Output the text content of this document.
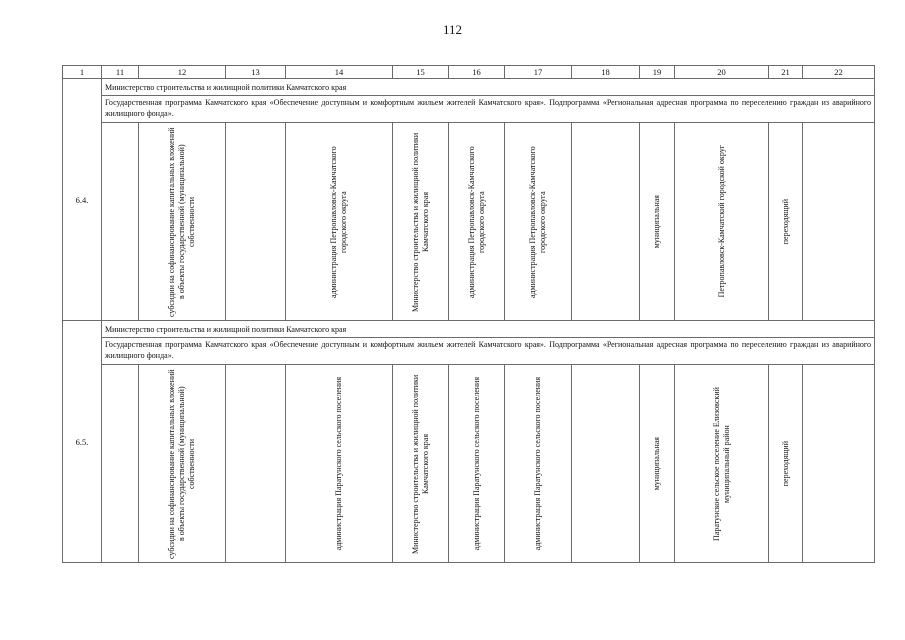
112
1	11	12	13	14	15	16	17	18	19	20	21	22
6.4.	Министерство строительства и жилищной политики Камчатского края											
	Государственная программа Камчатского края «Обеспечение доступным и комфортным жильем жителей Камчатского края». Подпрограмма «Региональная адресная программа по переселению граждан из аварийного жилищного фонда».											

		субсидии на софинансирование капитальных вложений в объекты государственной (муниципальной) собственности		администрация Петропавловск-Камчатского городского округа	Министерство строительства и жилищной политики Камчатского края	администрация Петропавловск-Камчатского городского округа	администрация Петропавловск-Камчатского городского округа		муниципальная	Петропавловск-Камчатский городской округ	переходящий	

6.5.	Министерство строительства и жилищной политики Камчатского края											
	Государственная программа Камчатского края «Обеспечение доступным и комфортным жильем жителей Камчатского края». Подпрограмма «Региональная адресная программа по переселению граждан из аварийного жилищного фонда».											

		субсидии на софинансирование капитальных вложений в объекты государственной (муниципальной) собственности		администрация Паратунского сельского поселения	Министерство строительства и жилищной политики Камчатского края	администрация Паратунского сельского поселения	администрация Паратунского сельского поселения		муниципальная	Паратунское сельское поселение Елизовский муниципальный район	переходящий	
